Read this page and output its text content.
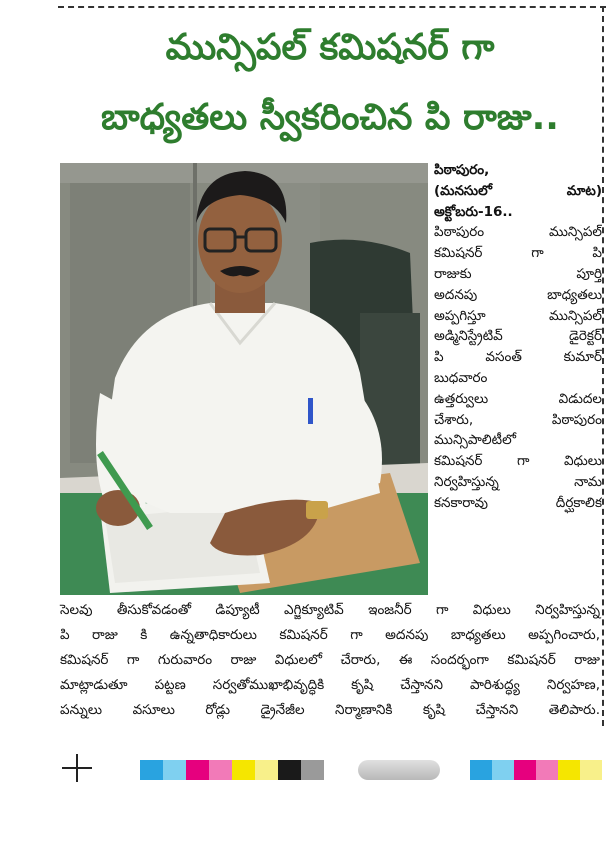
మున్సిపల్ కమిషనర్ గా
బాధ్యతలు స్వీకరించిన పి రాజు..
పిఠాపురం,
(మనసులో మాట)
అక్టోబరు-16..
పిఠాపురం మున్సిపల్
కమిషనర్ గా పి
రాజుకు పూర్తి
అదనపు బాధ్యతలు
అప్పగిస్తూ మున్సిపల్
అడ్మినిస్ట్రేటివ్ డైరెక్టర్
పి వసంత్ కుమార్
బుధవారం
ఉత్తర్వులు విడుదల
చేశారు, పిఠాపురం
మున్సిపాలిటీలో
కమిషనర్ గా విధులు
నిర్వహిస్తున్న నామ
కనకారావు దీర్ఘకాలిక
సెలవు తీసుకోవడంతో డిప్యూటీ ఎగ్జిక్యూటివ్ ఇంజనీర్ గా విధులు నిర్వహిస్తున్న
పి రాజు కి ఉన్నతాధికారులు కమిషనర్ గా అదనపు బాధ్యతలు అప్పగించారు,
కమిషనర్ గా గురువారం రాజు విధులలో చేరారు, ఈ సందర్భంగా కమిషనర్ రాజు
మాట్లాడుతూ పట్టణ సర్వతోముఖాభివృద్ధికి కృషి చేస్తానని పారిశుద్ధ్య నిర్వహణ,
పన్నులు వసూలు రోడ్లు డ్రైనేజీల నిర్మాణానికి కృషి చేస్తానని తెలిపారు.
